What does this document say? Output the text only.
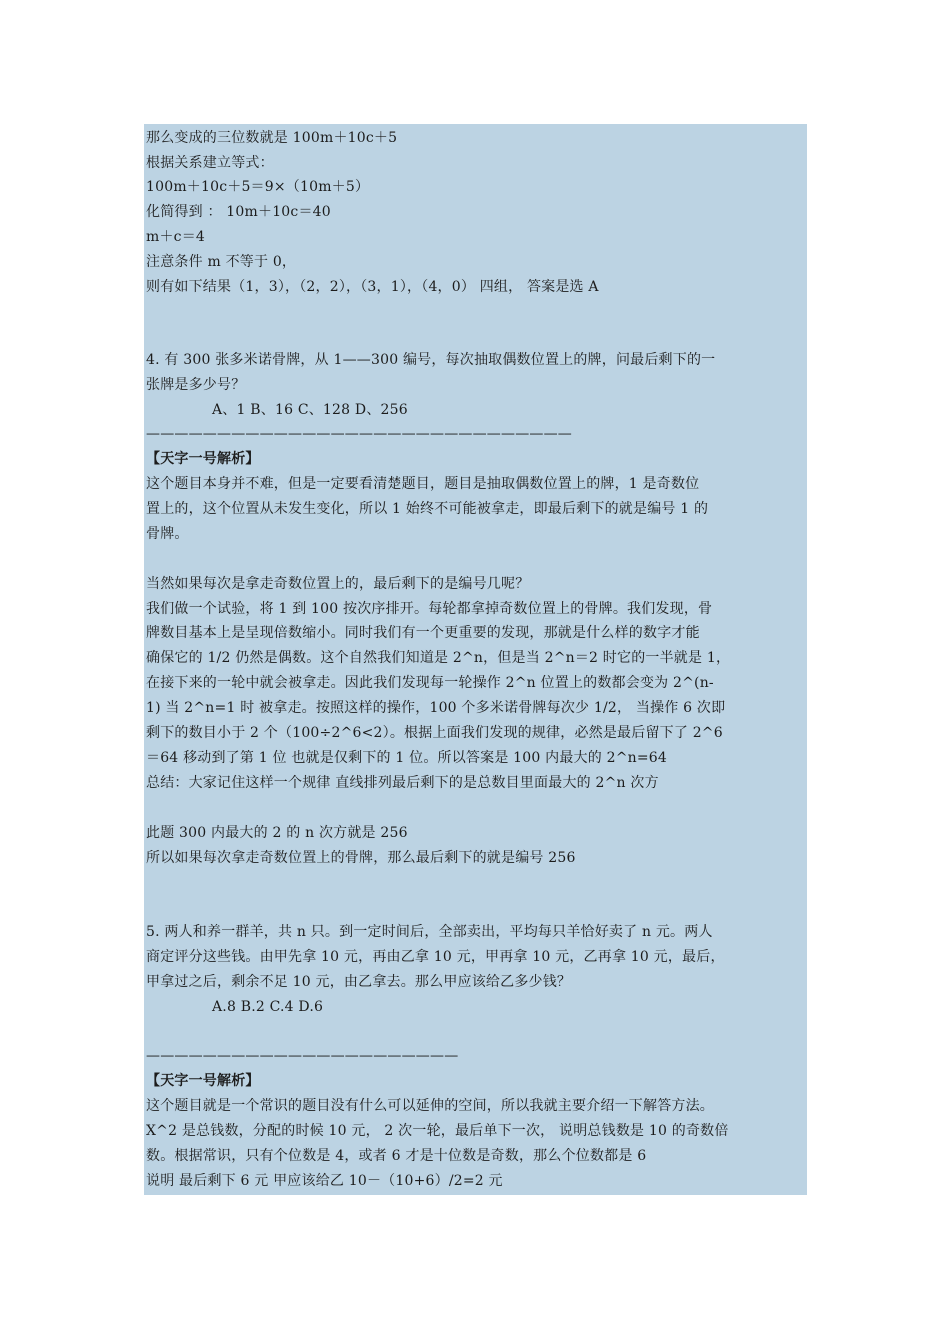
那么变成的三位数就是 100m＋10c＋5
根据关系建立等式：
100m＋10c＋5＝9×（10m＋5）
化简得到 ： 10m＋10c＝40
m＋c＝4
注意条件 m 不等于 0，
则有如下结果（1，3），（2，2），（3，1），（4，0） 四组， 答案是选 A
4. 有 300 张多米诺骨牌，从 1——300 编号，每次抽取偶数位置上的牌，问最后剩下的一
张牌是多少号？
A、1 B、16 C、128 D、256
——————————————————————————————
【天字一号解析】
这个题目本身并不难，但是一定要看清楚题目，题目是抽取偶数位置上的牌，1 是奇数位
置上的，这个位置从未发生变化，所以 1 始终不可能被拿走，即最后剩下的就是编号 1 的
骨牌。
当然如果每次是拿走奇数位置上的，最后剩下的是编号几呢？
我们做一个试验，将 1 到 100 按次序排开。每轮都拿掉奇数位置上的骨牌。我们发现，骨
牌数目基本上是呈现倍数缩小。同时我们有一个更重要的发现，那就是什么样的数字才能
确保它的 1/2 仍然是偶数。这个自然我们知道是 2^n，但是当 2^n＝2 时它的一半就是 1，
在接下来的一轮中就会被拿走。因此我们发现每一轮操作 2^n 位置上的数都会变为 2^(n-
1) 当 2^n=1 时 被拿走。按照这样的操作，100 个多米诺骨牌每次少 1/2， 当操作 6 次即
剩下的数目小于 2 个（100÷2^6<2）。根据上面我们发现的规律，必然是最后留下了 2^6
＝64 移动到了第 1 位 也就是仅剩下的 1 位。所以答案是 100 内最大的 2^n=64
总结：大家记住这样一个规律 直线排列最后剩下的是总数目里面最大的 2^n 次方
此题 300 内最大的 2 的 n 次方就是 256
所以如果每次拿走奇数位置上的骨牌，那么最后剩下的就是编号 256
5. 两人和养一群羊，共 n 只。到一定时间后，全部卖出，平均每只羊恰好卖了 n 元。两人
商定评分这些钱。由甲先拿 10 元，再由乙拿 10 元，甲再拿 10 元，乙再拿 10 元，最后，
甲拿过之后，剩余不足 10 元，由乙拿去。那么甲应该给乙多少钱？
A.8 B.2 C.4 D.6
——————————————————————
【天字一号解析】
这个题目就是一个常识的题目没有什么可以延伸的空间，所以我就主要介绍一下解答方法。
X^2 是总钱数，分配的时候 10 元， 2 次一轮，最后单下一次， 说明总钱数是 10 的奇数倍
数。根据常识，只有个位数是 4，或者 6 才是十位数是奇数，那么个位数都是 6
说明 最后剩下 6 元 甲应该给乙 10－（10+6）/2=2 元
